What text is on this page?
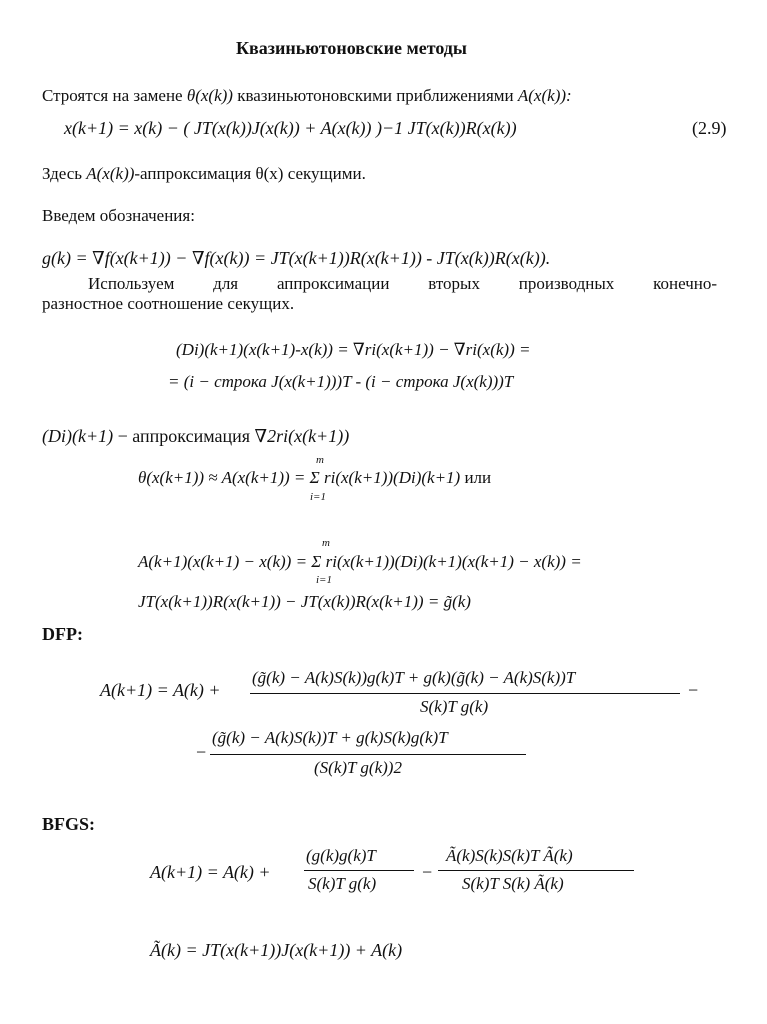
Квазиньютоновские методы
Строятся на замене θ(x(k)) квазиньютоновскими приближениями A(x(k)):
x(k+1) = x(k) − ( JT(x(k))J(x(k)) + A(x(k)) )−1 JT(x(k))R(x(k))	(2.9)
Здесь A(x(k))-аппроксимация θ(x) секущими.
Введем обозначения:
g(k) = ∇f(x(k+1)) − ∇f(x(k)) = JT(x(k+1))R(x(k+1)) - JT(x(k))R(x(k)).
Используем для аппроксимации вторых производных конечно-
разностное соотношение секущих.
(Di)(k+1)(x(k+1)-x(k)) = ∇ri(x(k+1)) − ∇ri(x(k)) =
= (i − строка J(x(k+1)))T - (i − строка J(x(k)))T
(Di)(k+1) − аппроксимация ∇2ri(x(k+1))
m
i=1
θ(x(k+1)) ≈ A(x(k+1)) = Σ ri(x(k+1))(Di)(k+1) или
m
i=1
A(k+1)(x(k+1) − x(k)) = Σ ri(x(k+1))(Di)(k+1)(x(k+1) − x(k)) =
JT(x(k+1))R(x(k+1)) − JT(x(k))R(x(k+1)) = g̃(k)
DFP:
A(k+1) = A(k) +
(g̃(k) − A(k)S(k))g(k)T + g(k)(g̃(k) − A(k)S(k))T
S(k)T g(k)
−
−
(g̃(k) − A(k)S(k))T + g(k)S(k)g(k)T
(S(k)T g(k))2
BFGS:
A(k+1) = A(k) +
(g(k)g(k)T
S(k)T g(k)
−
Ã(k)S(k)S(k)T Ã(k)
S(k)T S(k) Ã(k)
Ã(k) = JT(x(k+1))J(x(k+1)) + A(k)
